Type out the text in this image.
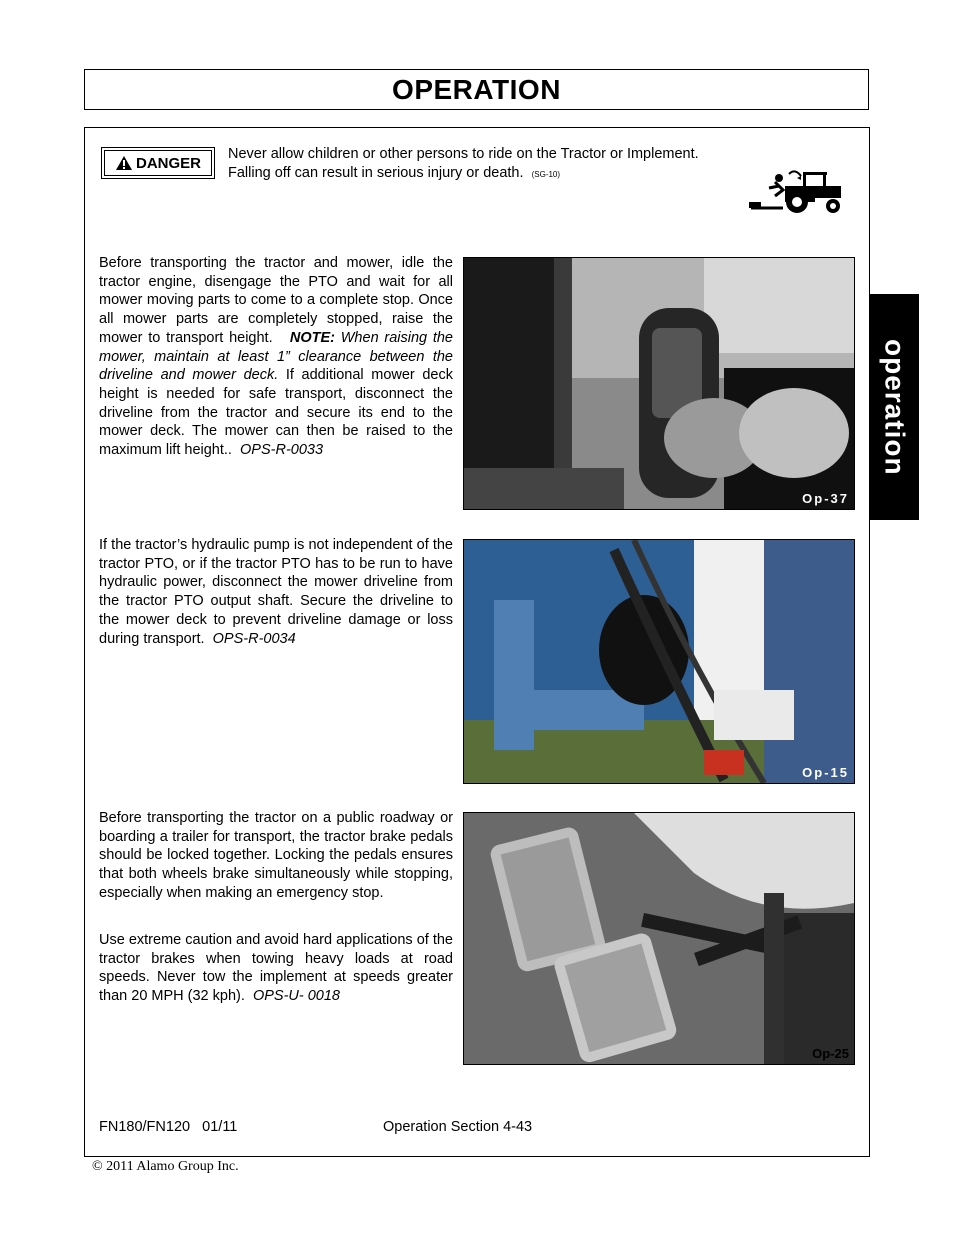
OPERATION
operation
DANGER
Never allow children or other persons to ride on the Tractor or Implement.
Falling off can result in serious injury or death. (SG-10)

Before transporting the tractor and mower, idle the tractor engine, disengage the PTO and wait for all mower moving parts to come to a complete stop. Once all mower parts are completely stopped, raise the mower to transport height. NOTE: When raising the mower, maintain at least 1” clearance between the driveline and mower deck. If additional mower deck height is needed for safe transport, disconnect the driveline from the tractor and secure its end to the mower deck. The mower can then be raised to the maximum lift height.. OPS-R-0033

Op-37

If the tractor’s hydraulic pump is not independent of the tractor PTO, or if the tractor PTO has to be run to have hydraulic power, disconnect the mower driveline from the tractor PTO output shaft. Secure the driveline to the mower deck to prevent driveline damage or loss during transport. OPS-R-0034

Op-15

Before transporting the tractor on a public roadway or boarding a trailer for transport, the tractor brake pedals should be locked together. Locking the pedals ensures that both wheels brake simultaneously while stopping, especially when making an emergency stop.

Use extreme caution and avoid hard applications of the tractor brakes when towing heavy loads at road speeds. Never tow the implement at speeds greater than 20 MPH (32 kph). OPS-U- 0018

Op-25
FN180/FN120   01/11	Operation Section 4-43
© 2011 Alamo Group Inc.
